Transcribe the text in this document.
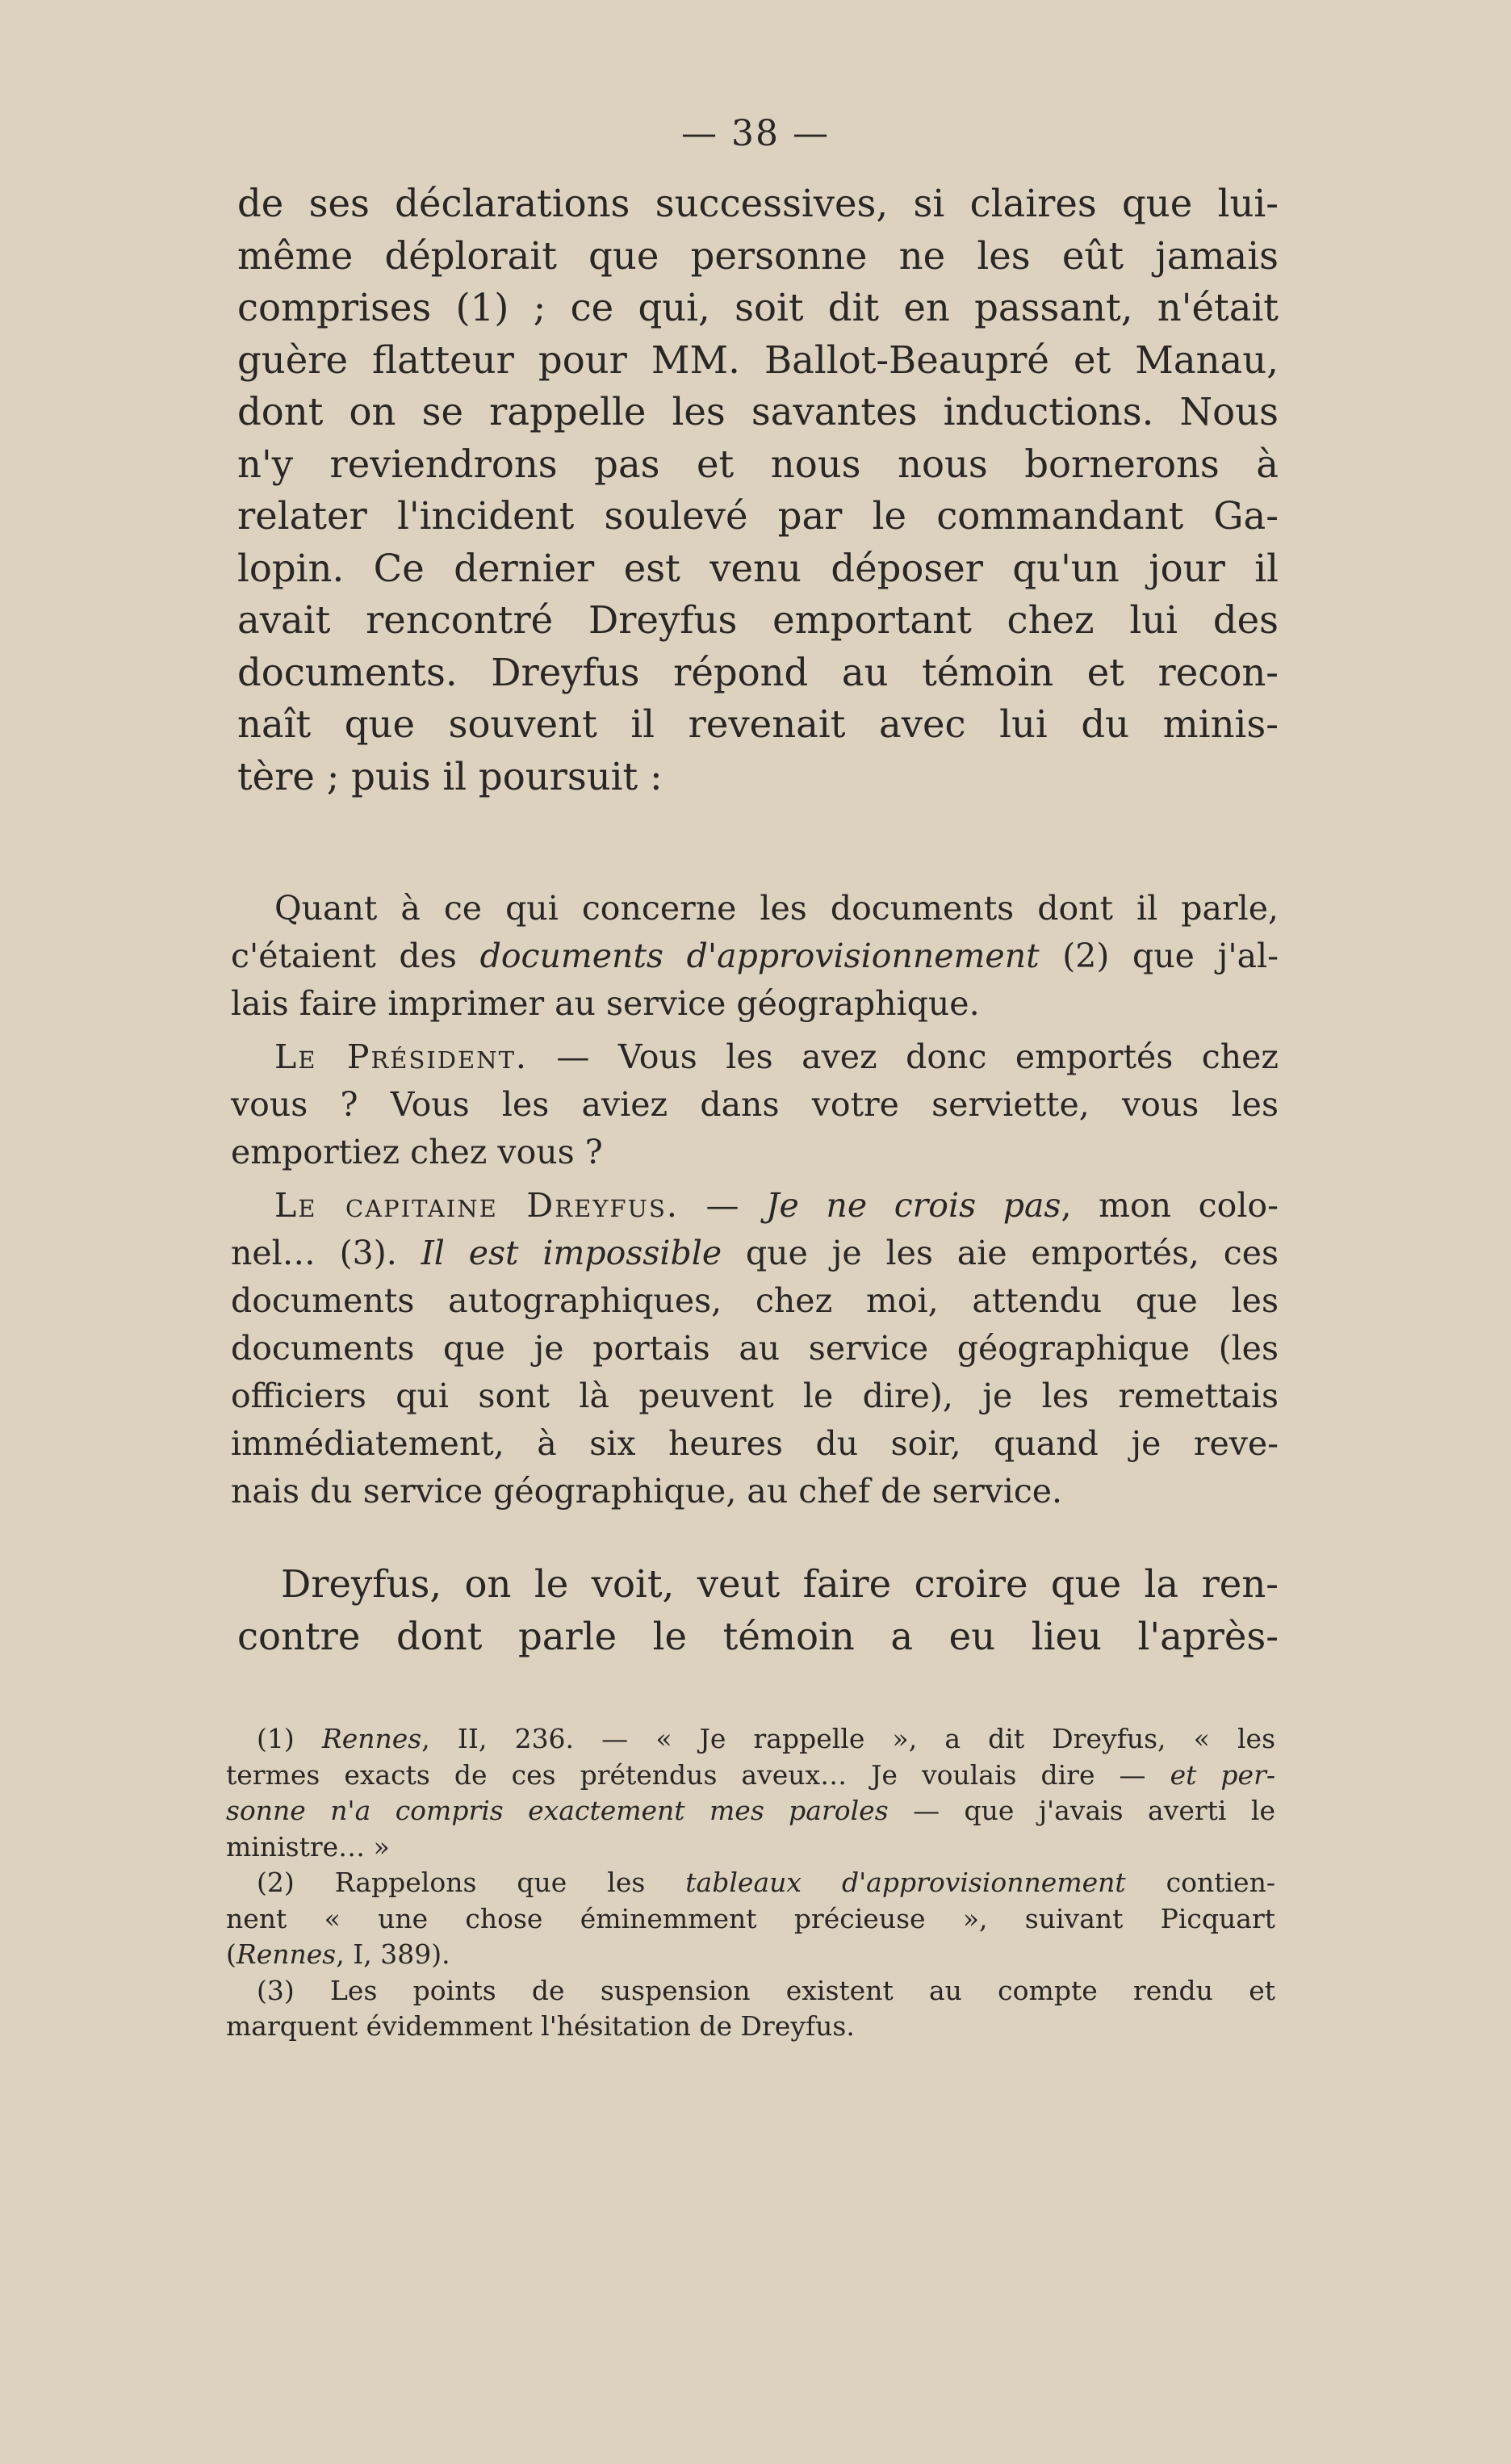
— 38 —
de ses déclarations successives, si claires que lui-
même déplorait que personne ne les eût jamais
comprises (1) ; ce qui, soit dit en passant, n'était
guère flatteur pour MM. Ballot-Beaupré et Manau,
dont on se rappelle les savantes inductions. Nous
n'y reviendrons pas et nous nous bornerons à
relater l'incident soulevé par le commandant Ga-
lopin. Ce dernier est venu déposer qu'un jour il
avait rencontré Dreyfus emportant chez lui des
documents. Dreyfus répond au témoin et recon-
naît que souvent il revenait avec lui du minis-
tère ; puis il poursuit :
Quant à ce qui concerne les documents dont il parle,
c'étaient des documents d'approvisionnement (2) que j'al-
lais faire imprimer au service géographique.
Le Président. — Vous les avez donc emportés chez
vous ? Vous les aviez dans votre serviette, vous les
emportiez chez vous ?
Le capitaine Dreyfus. — Je ne crois pas, mon colo-
nel… (3). Il est impossible que je les aie emportés, ces
documents autographiques, chez moi, attendu que les
documents que je portais au service géographique (les
officiers qui sont là peuvent le dire), je les remettais
immédiatement, à six heures du soir, quand je reve-
nais du service géographique, au chef de service.
Dreyfus, on le voit, veut faire croire que la ren-
contre dont parle le témoin a eu lieu l'après-
(1) Rennes, II, 236. — « Je rappelle », a dit Dreyfus, « les
termes exacts de ces prétendus aveux… Je voulais dire — et per-
sonne n'a compris exactement mes paroles — que j'avais averti le
ministre… »
(2) Rappelons que les tableaux d'approvisionnement contien-
nent « une chose éminemment précieuse », suivant Picquart
(Rennes, I, 389).
(3) Les points de suspension existent au compte rendu et
marquent évidemment l'hésitation de Dreyfus.
